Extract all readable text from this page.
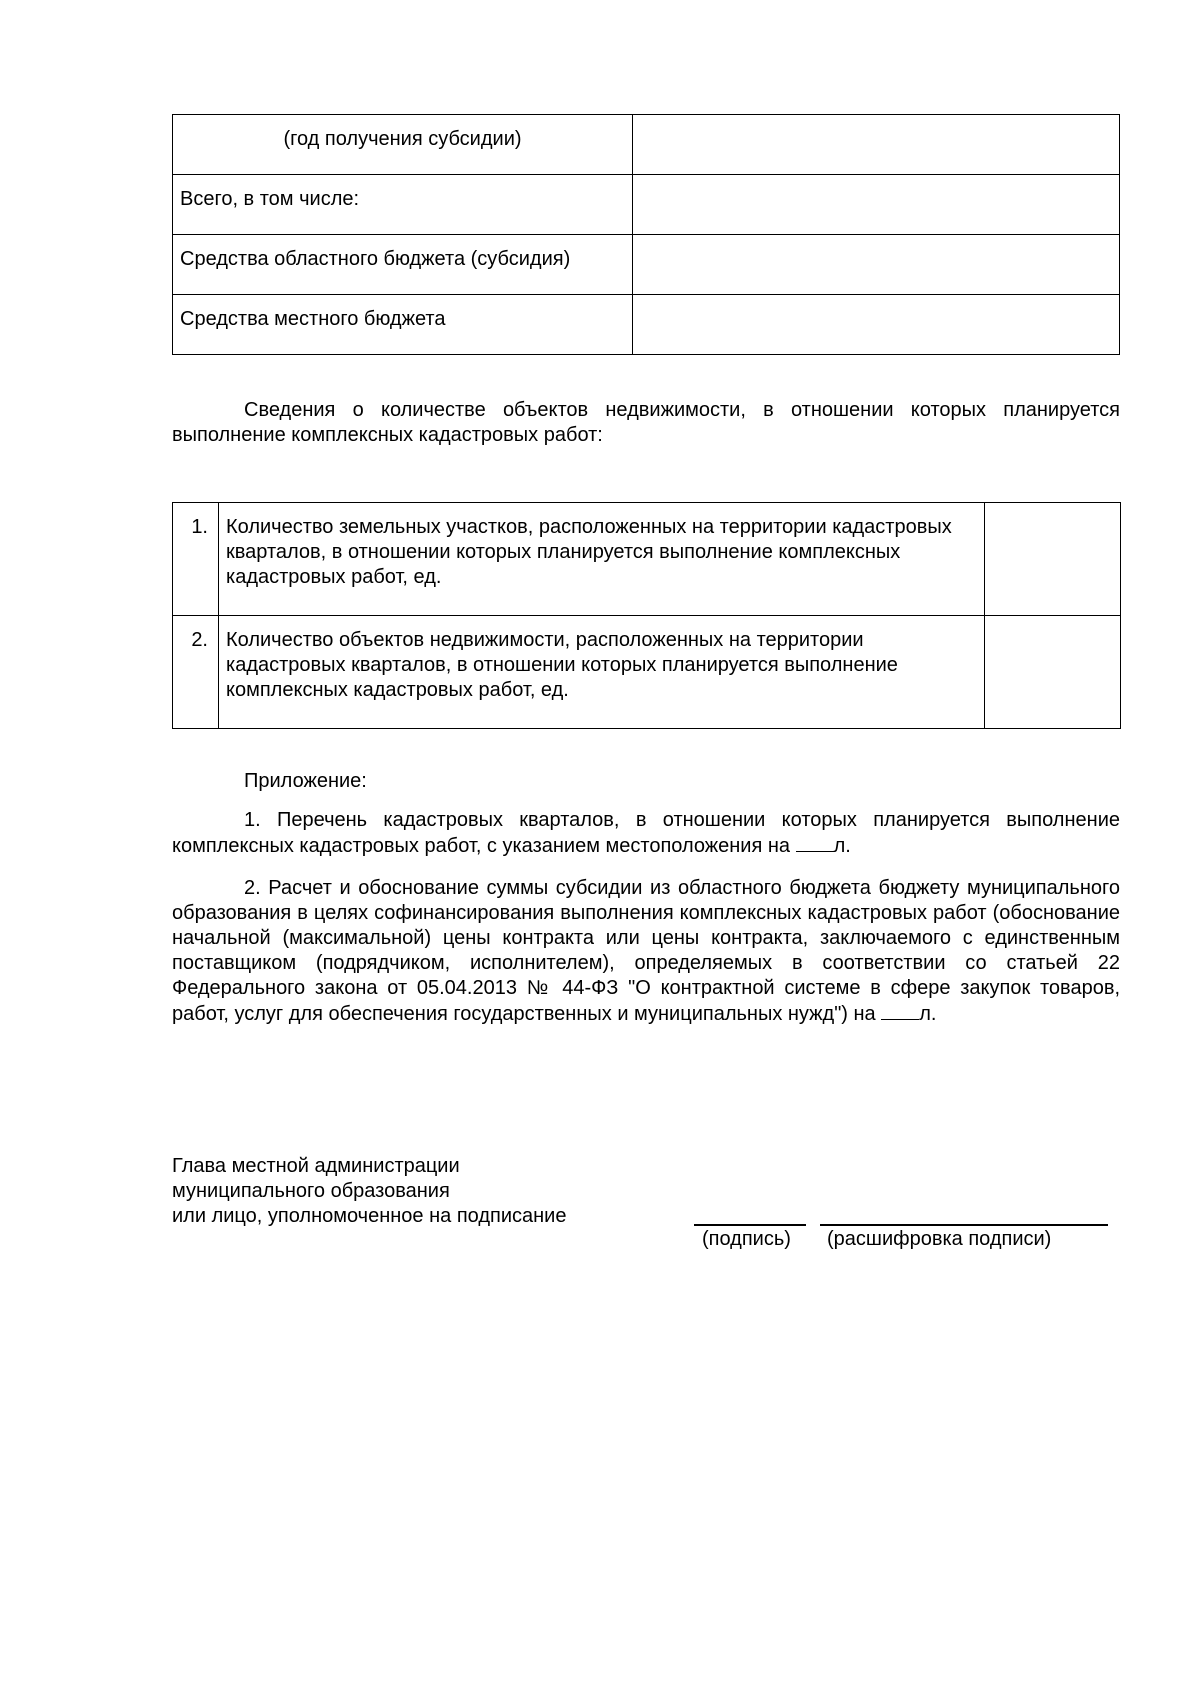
(год получения субсидии)	
Всего, в том числе:	
Средства областного бюджета (субсидия)	
Средства местного бюджета	

Сведения о количестве объектов недвижимости, в отношении которых планируется выполнение комплексных кадастровых работ:

1.	Количество земельных участков, расположенных на территории кадастровых кварталов, в отношении которых планируется выполнение комплексных кадастровых работ, ед.	
2.	Количество объектов недвижимости, расположенных на территории кадастровых кварталов, в отношении которых планируется выполнение комплексных кадастровых работ, ед.	
Приложение:

1. Перечень кадастровых кварталов, в отношении которых планируется выполнение комплексных кадастровых работ, с указанием местоположения на л.

2. Расчет и обоснование суммы субсидии из областного бюджета бюджету муниципального образования в целях софинансирования выполнения комплексных кадастровых работ (обоснование начальной (максимальной) цены контракта или цены контракта, заключаемого с единственным поставщиком (подрядчиком, исполнителем), определяемых в соответствии со статьей 22 Федерального закона от 05.04.2013 № 44-ФЗ "О контрактной системе в сфере закупок товаров, работ, услуг для обеспечения государственных и муниципальных нужд") на л.

Глава местной администрации
муниципального образования
или лицо, уполномоченное на подписание
(подпись) (расшифровка подписи)
